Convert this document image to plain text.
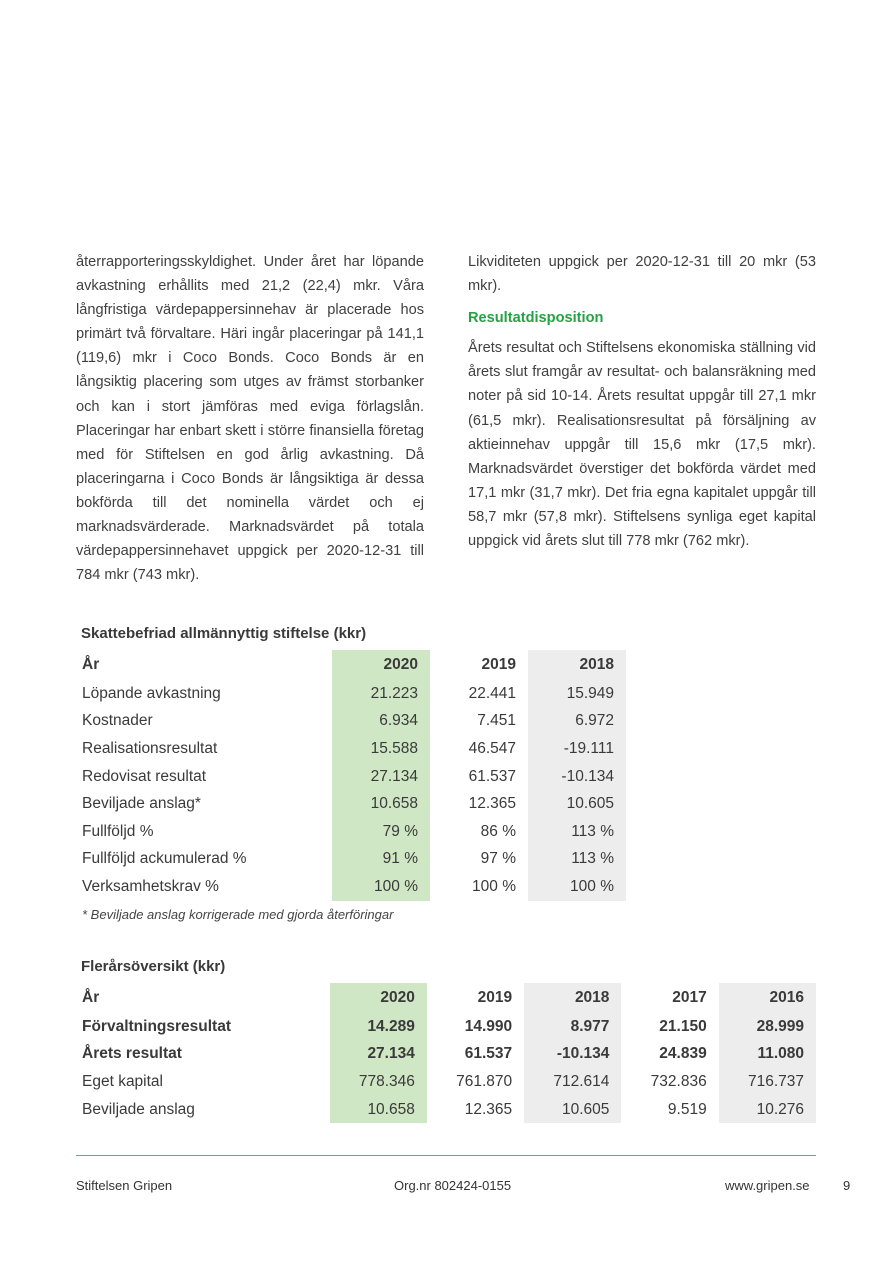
återrapporteringsskyldighet. Under året har löpande avkastning erhållits med 21,2 (22,4) mkr. Våra långfristiga värdepappersinnehav är placerade hos primärt två förvaltare. Häri ingår placeringar på 141,1 (119,6) mkr i Coco Bonds. Coco Bonds är en långsiktig placering som utges av främst storbanker och kan i stort jämföras med eviga förlagslån. Placeringar har enbart skett i större finansiella företag med för Stiftelsen en god årlig avkastning. Då placeringarna i Coco Bonds är långsiktiga är dessa bokförda till det nominella värdet och ej marknadsvärderade. Marknadsvärdet på totala värdepappersinnehavet uppgick per 2020-12-31 till 784 mkr (743 mkr).

Likviditeten uppgick per 2020-12-31 till 20 mkr (53 mkr).

Resultatdisposition

Årets resultat och Stiftelsens ekonomiska ställning vid årets slut framgår av resultat- och balansräkning med noter på sid 10-14. Årets resultat uppgår till 27,1 mkr (61,5 mkr). Realisationsresultat på försäljning av aktieinnehav uppgår till 15,6 mkr (17,5 mkr). Marknadsvärdet överstiger det bokförda värdet med 17,1 mkr (31,7 mkr). Det fria egna kapitalet uppgår till 58,7 mkr (57,8 mkr). Stiftelsens synliga eget kapital uppgick vid årets slut till 778 mkr (762 mkr).

Skattebefriad allmännyttig stiftelse (kkr)
År	2020	2019	2018
Löpande avkastning	21.223	22.441	15.949
Kostnader	6.934	7.451	6.972
Realisationsresultat	15.588	46.547	-19.111
Redovisat resultat	27.134	61.537	-10.134
Beviljade anslag*	10.658	12.365	10.605
Fullföljd %	79 %	86 %	113 %
Fullföljd ackumulerad %	91 %	97 %	113 %
Verksamhetskrav %	100 %	100 %	100 %
* Beviljade anslag korrigerade med gjorda återföringar
Flerårsöversikt (kkr)
År	2020	2019	2018	2017	2016
Förvaltningsresultat	14.289	14.990	8.977	21.150	28.999
Årets resultat	27.134	61.537	-10.134	24.839	11.080
Eget kapital	778.346	761.870	712.614	732.836	716.737
Beviljade anslag	10.658	12.365	10.605	9.519	10.276
Stiftelsen Gripen	Org.nr 802424-0155	www.gripen.se	9
